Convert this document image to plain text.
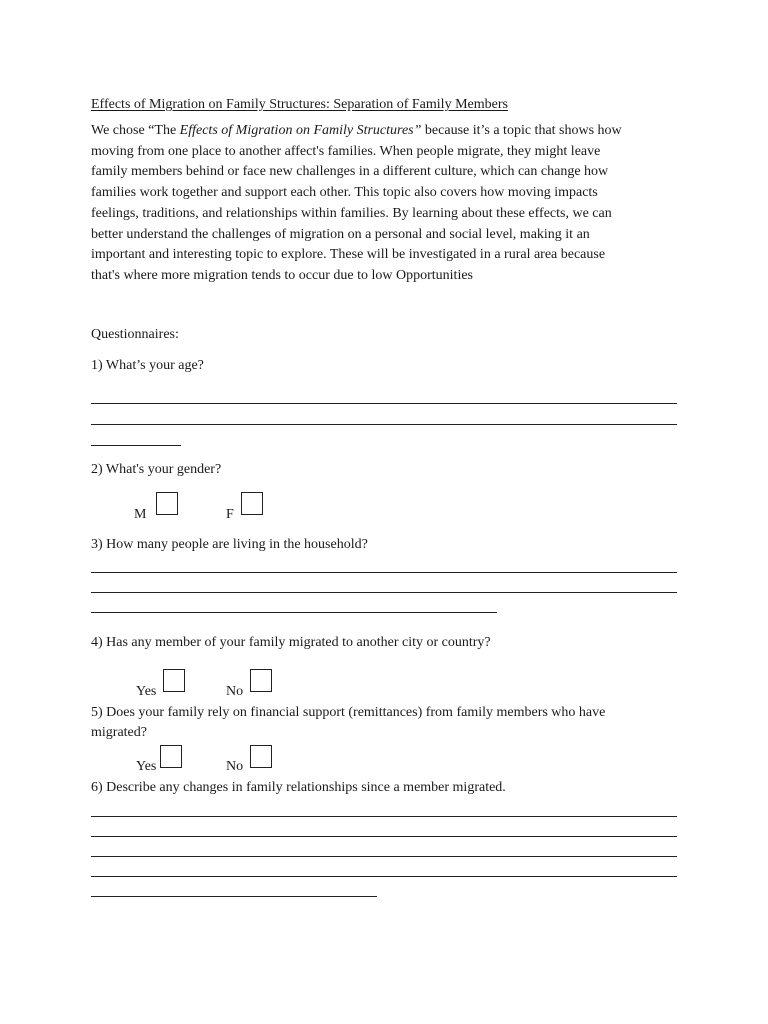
Effects of Migration on Family Structures: Separation of Family Members
We chose “The Effects of Migration on Family Structures” because it’s a topic that shows how
moving from one place to another affect's families. When people migrate, they might leave
family members behind or face new challenges in a different culture, which can change how
families work together and support each other. This topic also covers how moving impacts
feelings, traditions, and relationships within families. By learning about these effects, we can
better understand the challenges of migration on a personal and social level, making it an
important and interesting topic to explore. These will be investigated in a rural area because
that's where more migration tends to occur due to low Opportunities
Questionnaires:
1) What’s your age?
2) What's your gender?
M	F
3) How many people are living in the household?
4) Has any member of your family migrated to another city or country?
Yes	No
5) Does your family rely on financial support (remittances) from family members who have
migrated?
Yes	No
6) Describe any changes in family relationships since a member migrated.
